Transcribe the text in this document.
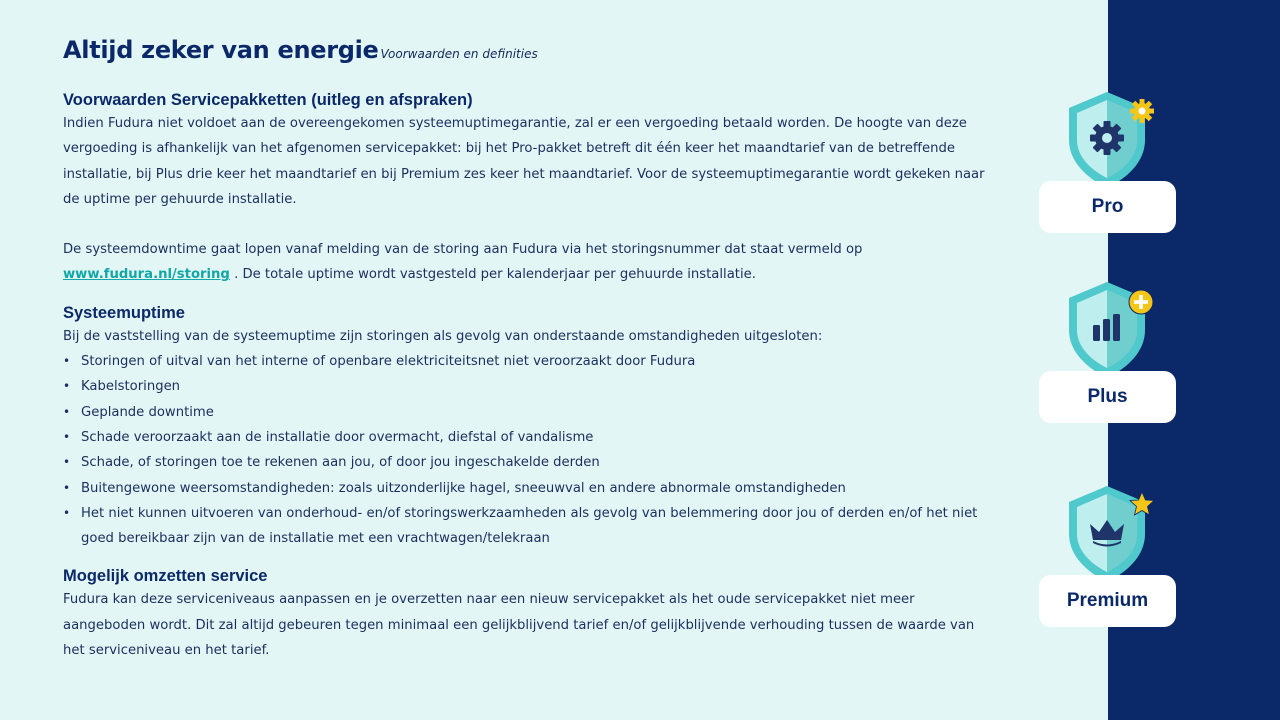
Altijd zeker van energie Voorwaarden en definities
Voorwaarden Servicepakketten (uitleg en afspraken)

Indien Fudura niet voldoet aan de overeengekomen systeemuptimegarantie, zal er een vergoeding betaald worden. De hoogte van deze vergoeding is afhankelijk van het afgenomen servicepakket: bij het Pro-pakket betreft dit één keer het maandtarief van de betreffende installatie, bij Plus drie keer het maandtarief en bij Premium zes keer het maandtarief. Voor de systeemuptimegarantie wordt gekeken naar de uptime per gehuurde installatie.

De systeemdowntime gaat lopen vanaf melding van de storing aan Fudura via het storingsnummer dat staat vermeld op www.fudura.nl/storing . De totale uptime wordt vastgesteld per kalenderjaar per gehuurde installatie.

Systeemuptime

Bij de vaststelling van de systeemuptime zijn storingen als gevolg van onderstaande omstandigheden uitgesloten:

• Storingen of uitval van het interne of openbare elektriciteitsnet niet veroorzaakt door Fudura
• Kabelstoringen
• Geplande downtime
• Schade veroorzaakt aan de installatie door overmacht, diefstal of vandalisme
• Schade, of storingen toe te rekenen aan jou, of door jou ingeschakelde derden
• Buitengewone weersomstandigheden: zoals uitzonderlijke hagel, sneeuwval en andere abnormale omstandigheden
• Het niet kunnen uitvoeren van onderhoud- en/of storingswerkzaamheden als gevolg van belemmering door jou of derden en/of het niet goed bereikbaar zijn van de installatie met een vrachtwagen/telekraan
Mogelijk omzetten service

Fudura kan deze serviceniveaus aanpassen en je overzetten naar een nieuw servicepakket als het oude servicepakket niet meer aangeboden wordt. Dit zal altijd gebeuren tegen minimaal een gelijkblijvend tarief en/of gelijkblijvende verhouding tussen de waarde van het serviceniveau en het tarief.

Pro
Plus
Premium
